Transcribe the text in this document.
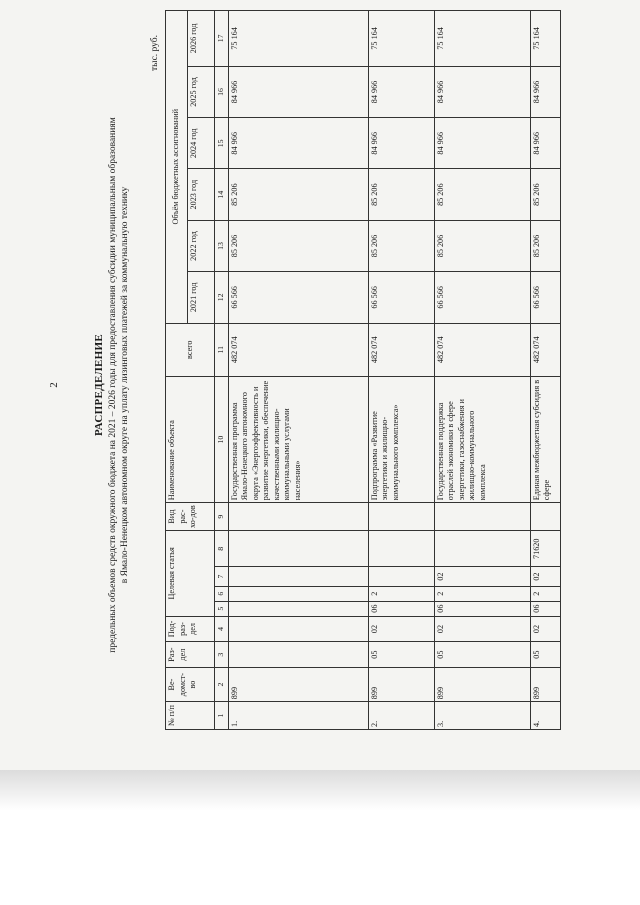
2	РАСПРЕДЕЛЕНИЕ предельных объемов средств окружного бюджета на 2021 – 2026 годы для предоставления субсидии муниципальным образованиям в Ямало-Ненецком автономном округе на уплату лизинговых платежей за коммунальную технику
тыс. руб.
№ п/п	Ве-домст-во	Раз-дел	Под-раз-дел	Целевая статья				Вид рас-хо-дов	Наименование объекта	всего	Объём бюджетных ассигнований					
											2021 год	2022 год	2023 год	2024 год	2025 год	2026 год
1	2	3	4	5	6	7	8	9	10	11	12	13	14	15	16	17
1.	899								Государственная программа Ямало-Ненецкого автономного округа «Энергоэффективность и развитие энергетики, обеспечение качественными жилищно-коммунальными услугами населения»	482 074	66 566	85 206	85 206	84 966	84 966	75 164
2.	899	05	02	06	2				Подпрограмма «Развитие энергетики и жилищно-коммунального комплекса»	482 074	66 566	85 206	85 206	84 966	84 966	75 164
3.	899	05	02	06	2	02			Государственная поддержка отраслей экономики в сфере энергетики, газоснабжения и жилищно-коммунального комплекса	482 074	66 566	85 206	85 206	84 966	84 966	75 164
4.	899	05	02	06	2	02	71620		Единая межбюджетная субсидия в сфере	482 074	66 566	85 206	85 206	84 966	84 966	75 164
